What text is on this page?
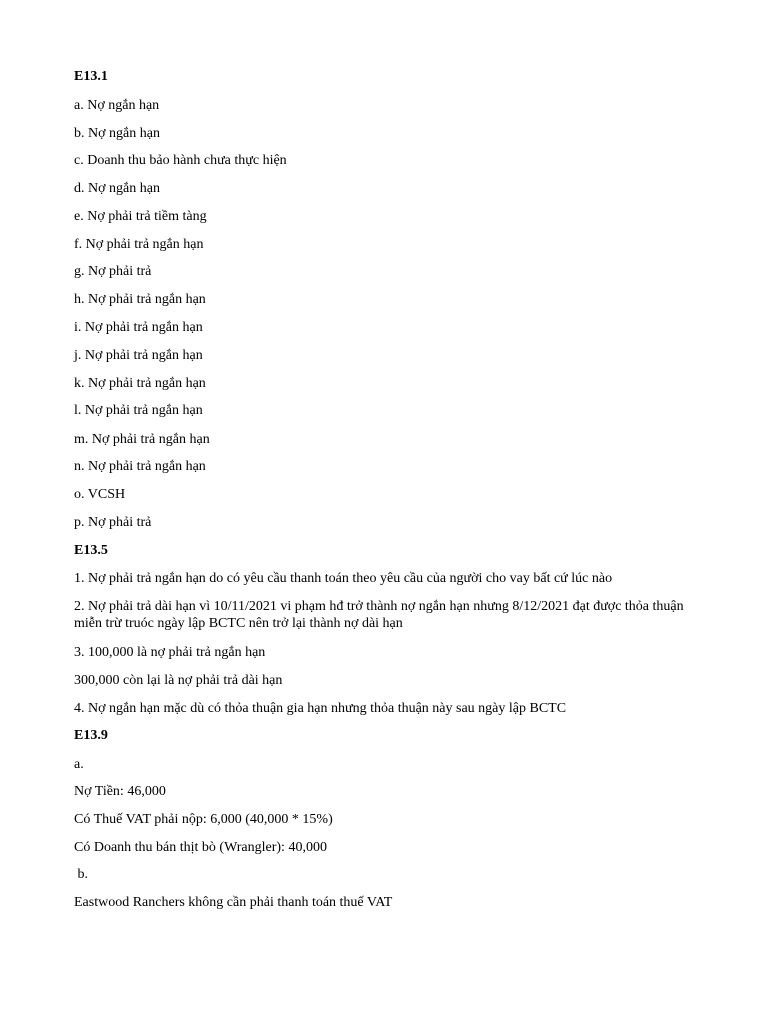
E13.1
a. Nợ ngắn hạn
b. Nợ ngắn hạn
c. Doanh thu bảo hành chưa thực hiện
d. Nợ ngắn hạn
e. Nợ phải trả tiềm tàng
f. Nợ phải trả ngắn hạn
g. Nợ phải trả
h. Nợ phải trả ngắn hạn
i. Nợ phải trả ngắn hạn
j. Nợ phải trả ngắn hạn
k. Nợ phải trả ngắn hạn
l. Nợ phải trả ngắn hạn
m. Nợ phải trả ngắn hạn
n. Nợ phải trả ngắn hạn
o. VCSH
p. Nợ phải trả
E13.5
1. Nợ phải trả ngắn hạn do có yêu cầu thanh toán theo yêu cầu của người cho vay bất cứ lúc nào
2. Nợ phải trả dài hạn vì 10/11/2021 vi phạm hđ trở thành nợ ngắn hạn nhưng 8/12/2021 đạt được thỏa thuận miễn trừ truóc ngày lập BCTC nên trở lại thành nợ dài hạn
3. 100,000 là nợ phải trả ngắn hạn
300,000 còn lại là nợ phải trả dài hạn
4. Nợ ngắn hạn mặc dù có thỏa thuận gia hạn nhưng thỏa thuận này sau ngày lập BCTC
E13.9
a.
Nợ Tiền: 46,000
Có Thuế VAT phải nộp: 6,000 (40,000 * 15%)
Có Doanh thu bán thịt bò (Wrangler): 40,000
b.
Eastwood Ranchers không cần phải thanh toán thuế VAT
